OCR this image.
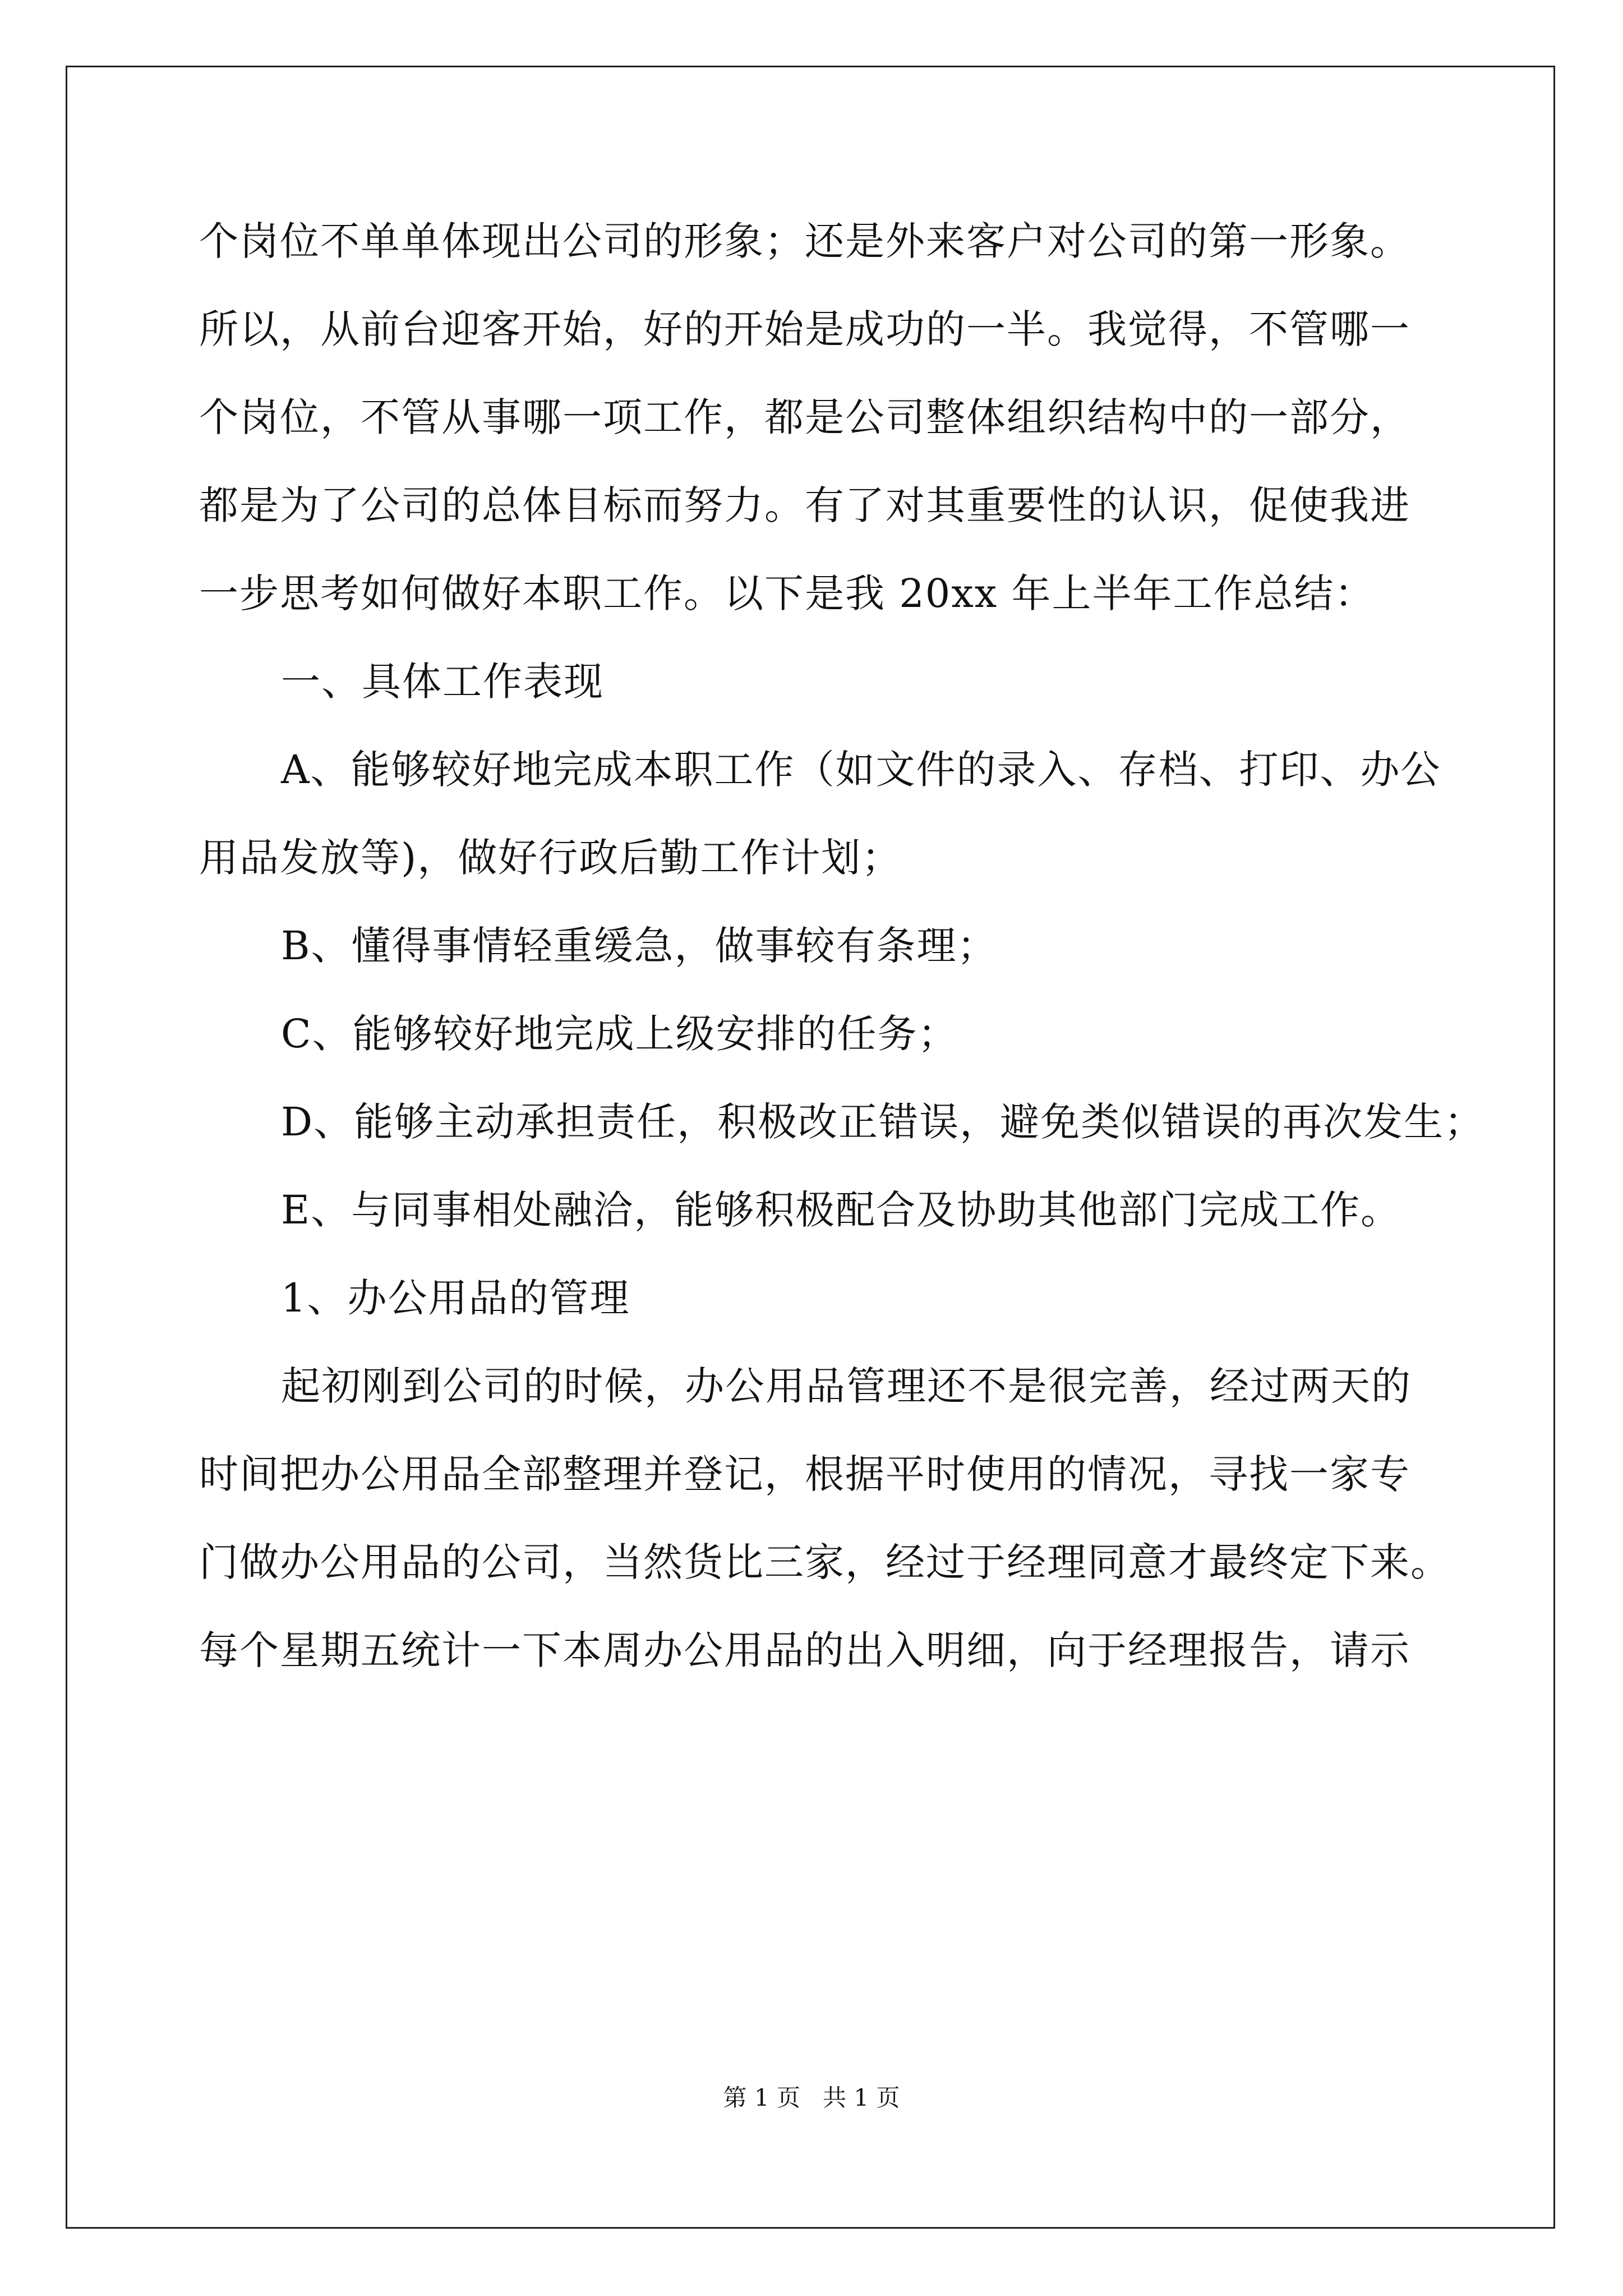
个岗位不单单体现出公司的形象；还是外来客户对公司的第一形象。
所以，从前台迎客开始，好的开始是成功的一半。我觉得，不管哪一
个岗位，不管从事哪一项工作，都是公司整体组织结构中的一部分，
都是为了公司的总体目标而努力。有了对其重要性的认识，促使我进
一步思考如何做好本职工作。以下是我 20xx 年上半年工作总结：
一、具体工作表现
A、能够较好地完成本职工作（如文件的录入、存档、打印、办公
用品发放等)，做好行政后勤工作计划；
B、懂得事情轻重缓急，做事较有条理；
C、能够较好地完成上级安排的任务；
D、能够主动承担责任，积极改正错误，避免类似错误的再次发生；
E、与同事相处融洽，能够积极配合及协助其他部门完成工作。
1、办公用品的管理
起初刚到公司的时候，办公用品管理还不是很完善，经过两天的
时间把办公用品全部整理并登记，根据平时使用的情况，寻找一家专
门做办公用品的公司，当然货比三家，经过于经理同意才最终定下来。
每个星期五统计一下本周办公用品的出入明细，向于经理报告，请示
第 1 页   共 1 页
